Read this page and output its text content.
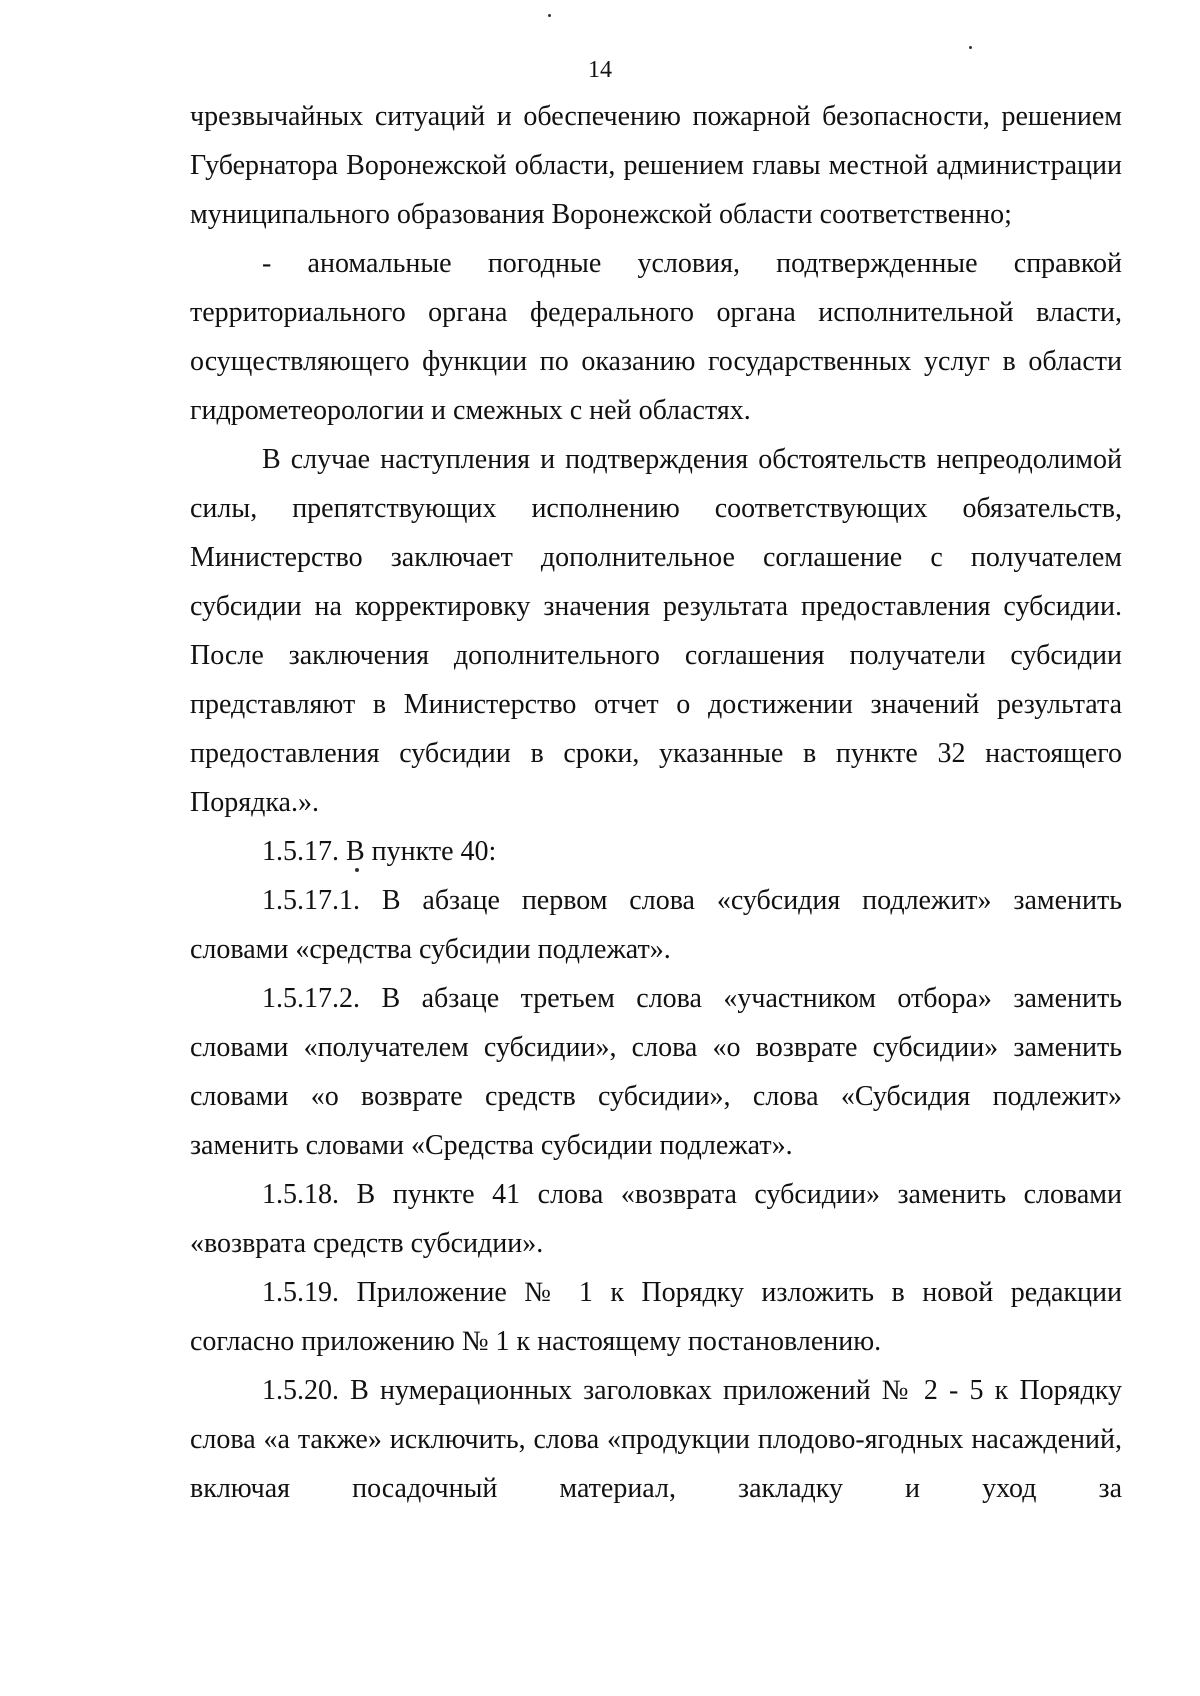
14

чрезвычайных ситуаций и обеспечению пожарной безопасности, решением Губернатора Воронежской области, решением главы местной администрации муниципального образования Воронежской области соответственно;

- аномальные погодные условия, подтвержденные справкой территориального органа федерального органа исполнительной власти, осуществляющего функции по оказанию государственных услуг в области гидрометеорологии и смежных с ней областях.

В случае наступления и подтверждения обстоятельств непреодолимой силы, препятствующих исполнению соответствующих обязательств, Министерство заключает дополнительное соглашение с получателем субсидии на корректировку значения результата предоставления субсидии. После заключения дополнительного соглашения получатели субсидии представляют в Министерство отчет о достижении значений результата предоставления субсидии в сроки, указанные в пункте 32 настоящего Порядка.».

1.5.17. В пункте 40:

1.5.17.1. В абзаце первом слова «субсидия подлежит» заменить словами «средства субсидии подлежат».

1.5.17.2. В абзаце третьем слова «участником отбора» заменить словами «получателем субсидии», слова «о возврате субсидии» заменить словами «о возврате средств субсидии», слова «Субсидия подлежит» заменить словами «Средства субсидии подлежат».

1.5.18. В пункте 41 слова «возврата субсидии» заменить словами «возврата средств субсидии».

1.5.19. Приложение № 1 к Порядку изложить в новой редакции согласно приложению № 1 к настоящему постановлению.

1.5.20. В нумерационных заголовках приложений № 2 - 5 к Порядку слова «а также» исключить, слова «продукции плодово-ягодных насаждений, включая посадочный материал, закладку и уход за
